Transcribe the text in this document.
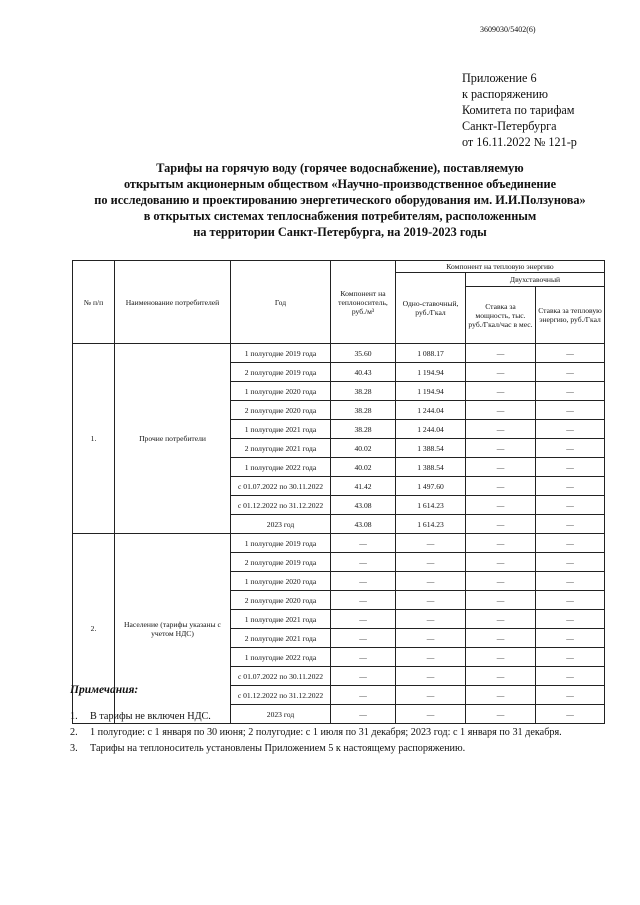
3609030/5402(6)
Приложение 6
к распоряжению
Комитета по тарифам
Санкт-Петербурга
от 16.11.2022 № 121-р
Тарифы на горячую воду (горячее водоснабжение), поставляемую
открытым акционерным обществом «Научно-производственное объединение
по исследованию и проектированию энергетического оборудования им. И.И.Ползунова»
в открытых системах теплоснабжения потребителям, расположенным
на территории Санкт-Петербурга, на 2019-2023 годы
№ п/п	Наименование потребителей	Год	Компонент на теплоноситель, руб./м³	Компонент на тепловую энергию		
				Одно-ставочный, руб./Гкал	Двухставочный	
					Ставка за мощность, тыс. руб./Гкал/час в мес.	Ставка за тепловую энергию, руб./Гкал
1.	Прочие потребители	1 полугодие 2019 года	35.60	1 088.17	—	—
		2 полугодие 2019 года	40.43	1 194.94	—	—
		1 полугодие 2020 года	38.28	1 194.94	—	—
		2 полугодие 2020 года	38.28	1 244.04	—	—
		1 полугодие 2021 года	38.28	1 244.04	—	—
		2 полугодие 2021 года	40.02	1 388.54	—	—
		1 полугодие 2022 года	40.02	1 388.54	—	—
		с 01.07.2022 по 30.11.2022	41.42	1 497.60	—	—
		с 01.12.2022 по 31.12.2022	43.08	1 614.23	—	—
		2023 год	43.08	1 614.23	—	—
2.	Население (тарифы указаны с учетом НДС)	1 полугодие 2019 года	—	—	—	—
		2 полугодие 2019 года	—	—	—	—
		1 полугодие 2020 года	—	—	—	—
		2 полугодие 2020 года	—	—	—	—
		1 полугодие 2021 года	—	—	—	—
		2 полугодие 2021 года	—	—	—	—
		1 полугодие 2022 года	—	—	—	—
		с 01.07.2022 по 30.11.2022	—	—	—	—
		с 01.12.2022 по 31.12.2022	—	—	—	—
		2023 год	—	—	—	—
Примечания:
1. В тарифы не включен НДС.
2. 1 полугодие: с 1 января по 30 июня; 2 полугодие: с 1 июля по 31 декабря; 2023 год: с 1 января по 31 декабря.
3. Тарифы на теплоноситель установлены Приложением 5 к настоящему распоряжению.
